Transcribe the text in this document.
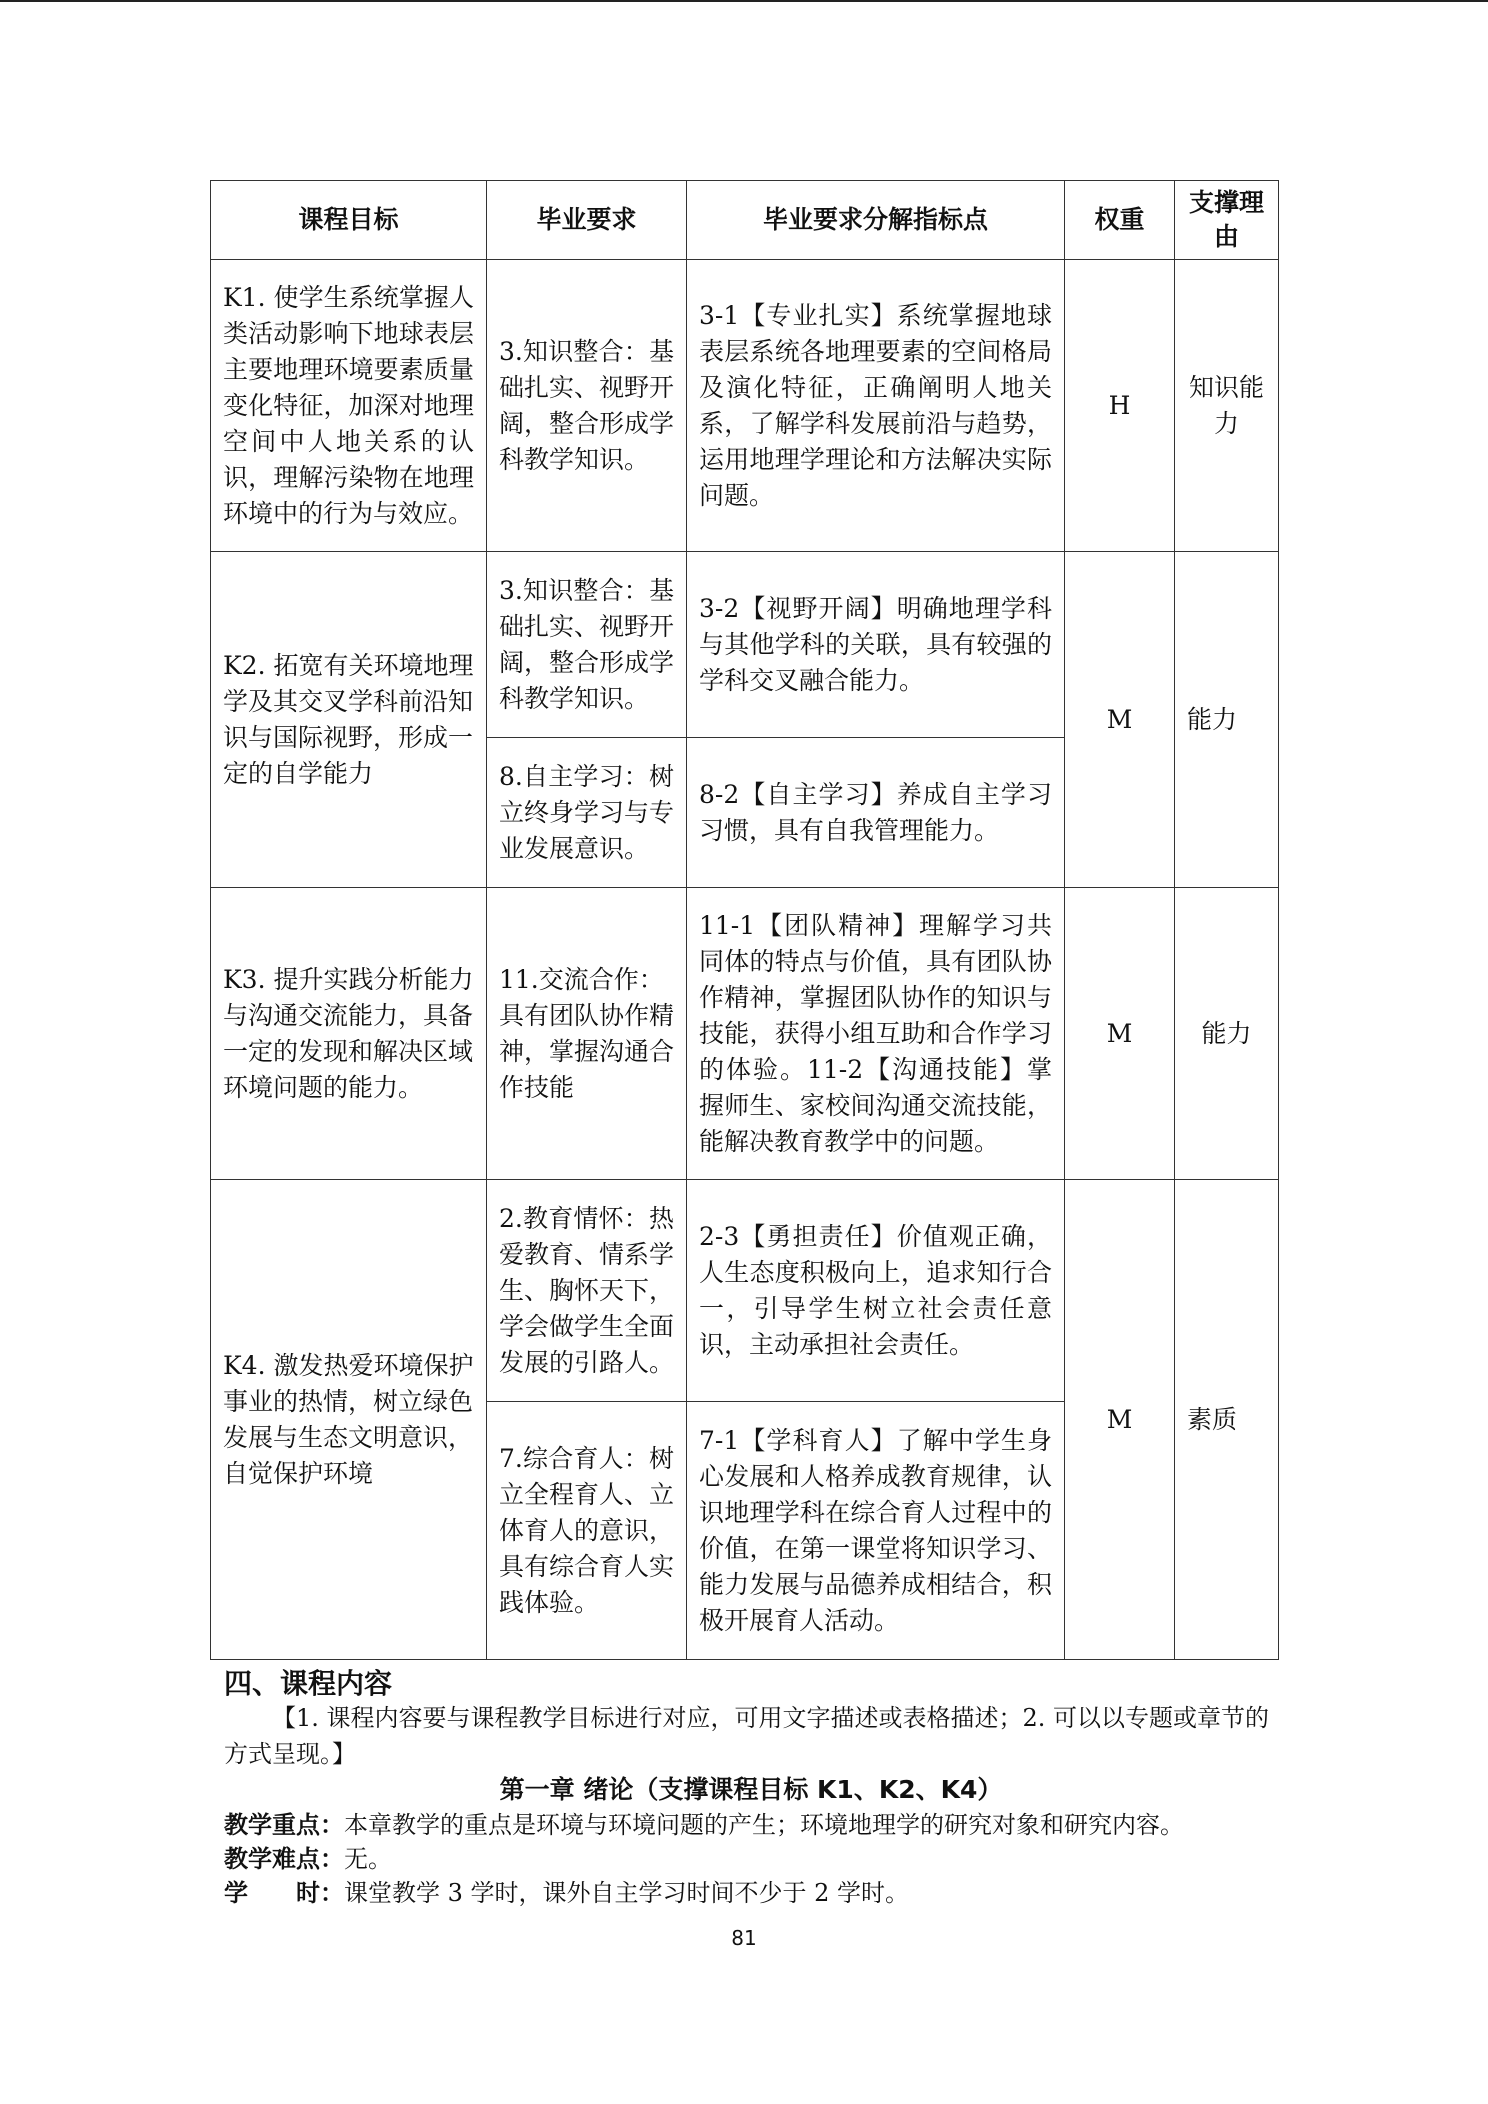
课程目标	毕业要求	毕业要求分解指标点	权重	支撑理由
K1. 使学生系统掌握人类活动影响下地球表层主要地理环境要素质量变化特征，加深对地理空间中人地关系的认识，理解污染物在地理环境中的行为与效应。	3.知识整合：基础扎实、视野开阔，整合形成学科教学知识。	3-1【专业扎实】系统掌握地球表层系统各地理要素的空间格局及演化特征，正确阐明人地关系，了解学科发展前沿与趋势，运用地理学理论和方法解决实际问题。	H	知识能力
K2. 拓宽有关环境地理学及其交叉学科前沿知识与国际视野，形成一定的自学能力	3.知识整合：基础扎实、视野开阔，整合形成学科教学知识。	3-2【视野开阔】明确地理学科与其他学科的关联，具有较强的学科交叉融合能力。	M	能力
	8.自主学习：树立终身学习与专业发展意识。	8-2【自主学习】养成自主学习习惯，具有自我管理能力。		
K3. 提升实践分析能力与沟通交流能力，具备一定的发现和解决区域环境问题的能力。	11.交流合作：具有团队协作精神，掌握沟通合作技能	11-1【团队精神】理解学习共同体的特点与价值，具有团队协作精神，掌握团队协作的知识与技能，获得小组互助和合作学习的体验。11-2【沟通技能】掌握师生、家校间沟通交流技能，能解决教育教学中的问题。	M	能力
K4. 激发热爱环境保护事业的热情，树立绿色发展与生态文明意识，自觉保护环境	2.教育情怀：热爱教育、情系学生、胸怀天下，学会做学生全面发展的引路人。	2-3【勇担责任】价值观正确，人生态度积极向上，追求知行合一，引导学生树立社会责任意识，主动承担社会责任。	M	素质
	7.综合育人：树立全程育人、立体育人的意识，具有综合育人实践体验。	7-1【学科育人】了解中学生身心发展和人格养成教育规律，认识地理学科在综合育人过程中的价值，在第一课堂将知识学习、能力发展与品德养成相结合，积极开展育人活动。		
四、课程内容
【1. 课程内容要与课程教学目标进行对应，可用文字描述或表格描述；2. 可以以专题或章节的方式呈现。】
第一章 绪论（支撑课程目标 K1、K2、K4）
教学重点：本章教学的重点是环境与环境问题的产生；环境地理学的研究对象和研究内容。
教学难点：无。
学　　时：课堂教学 3 学时，课外自主学习时间不少于 2 学时。
81
